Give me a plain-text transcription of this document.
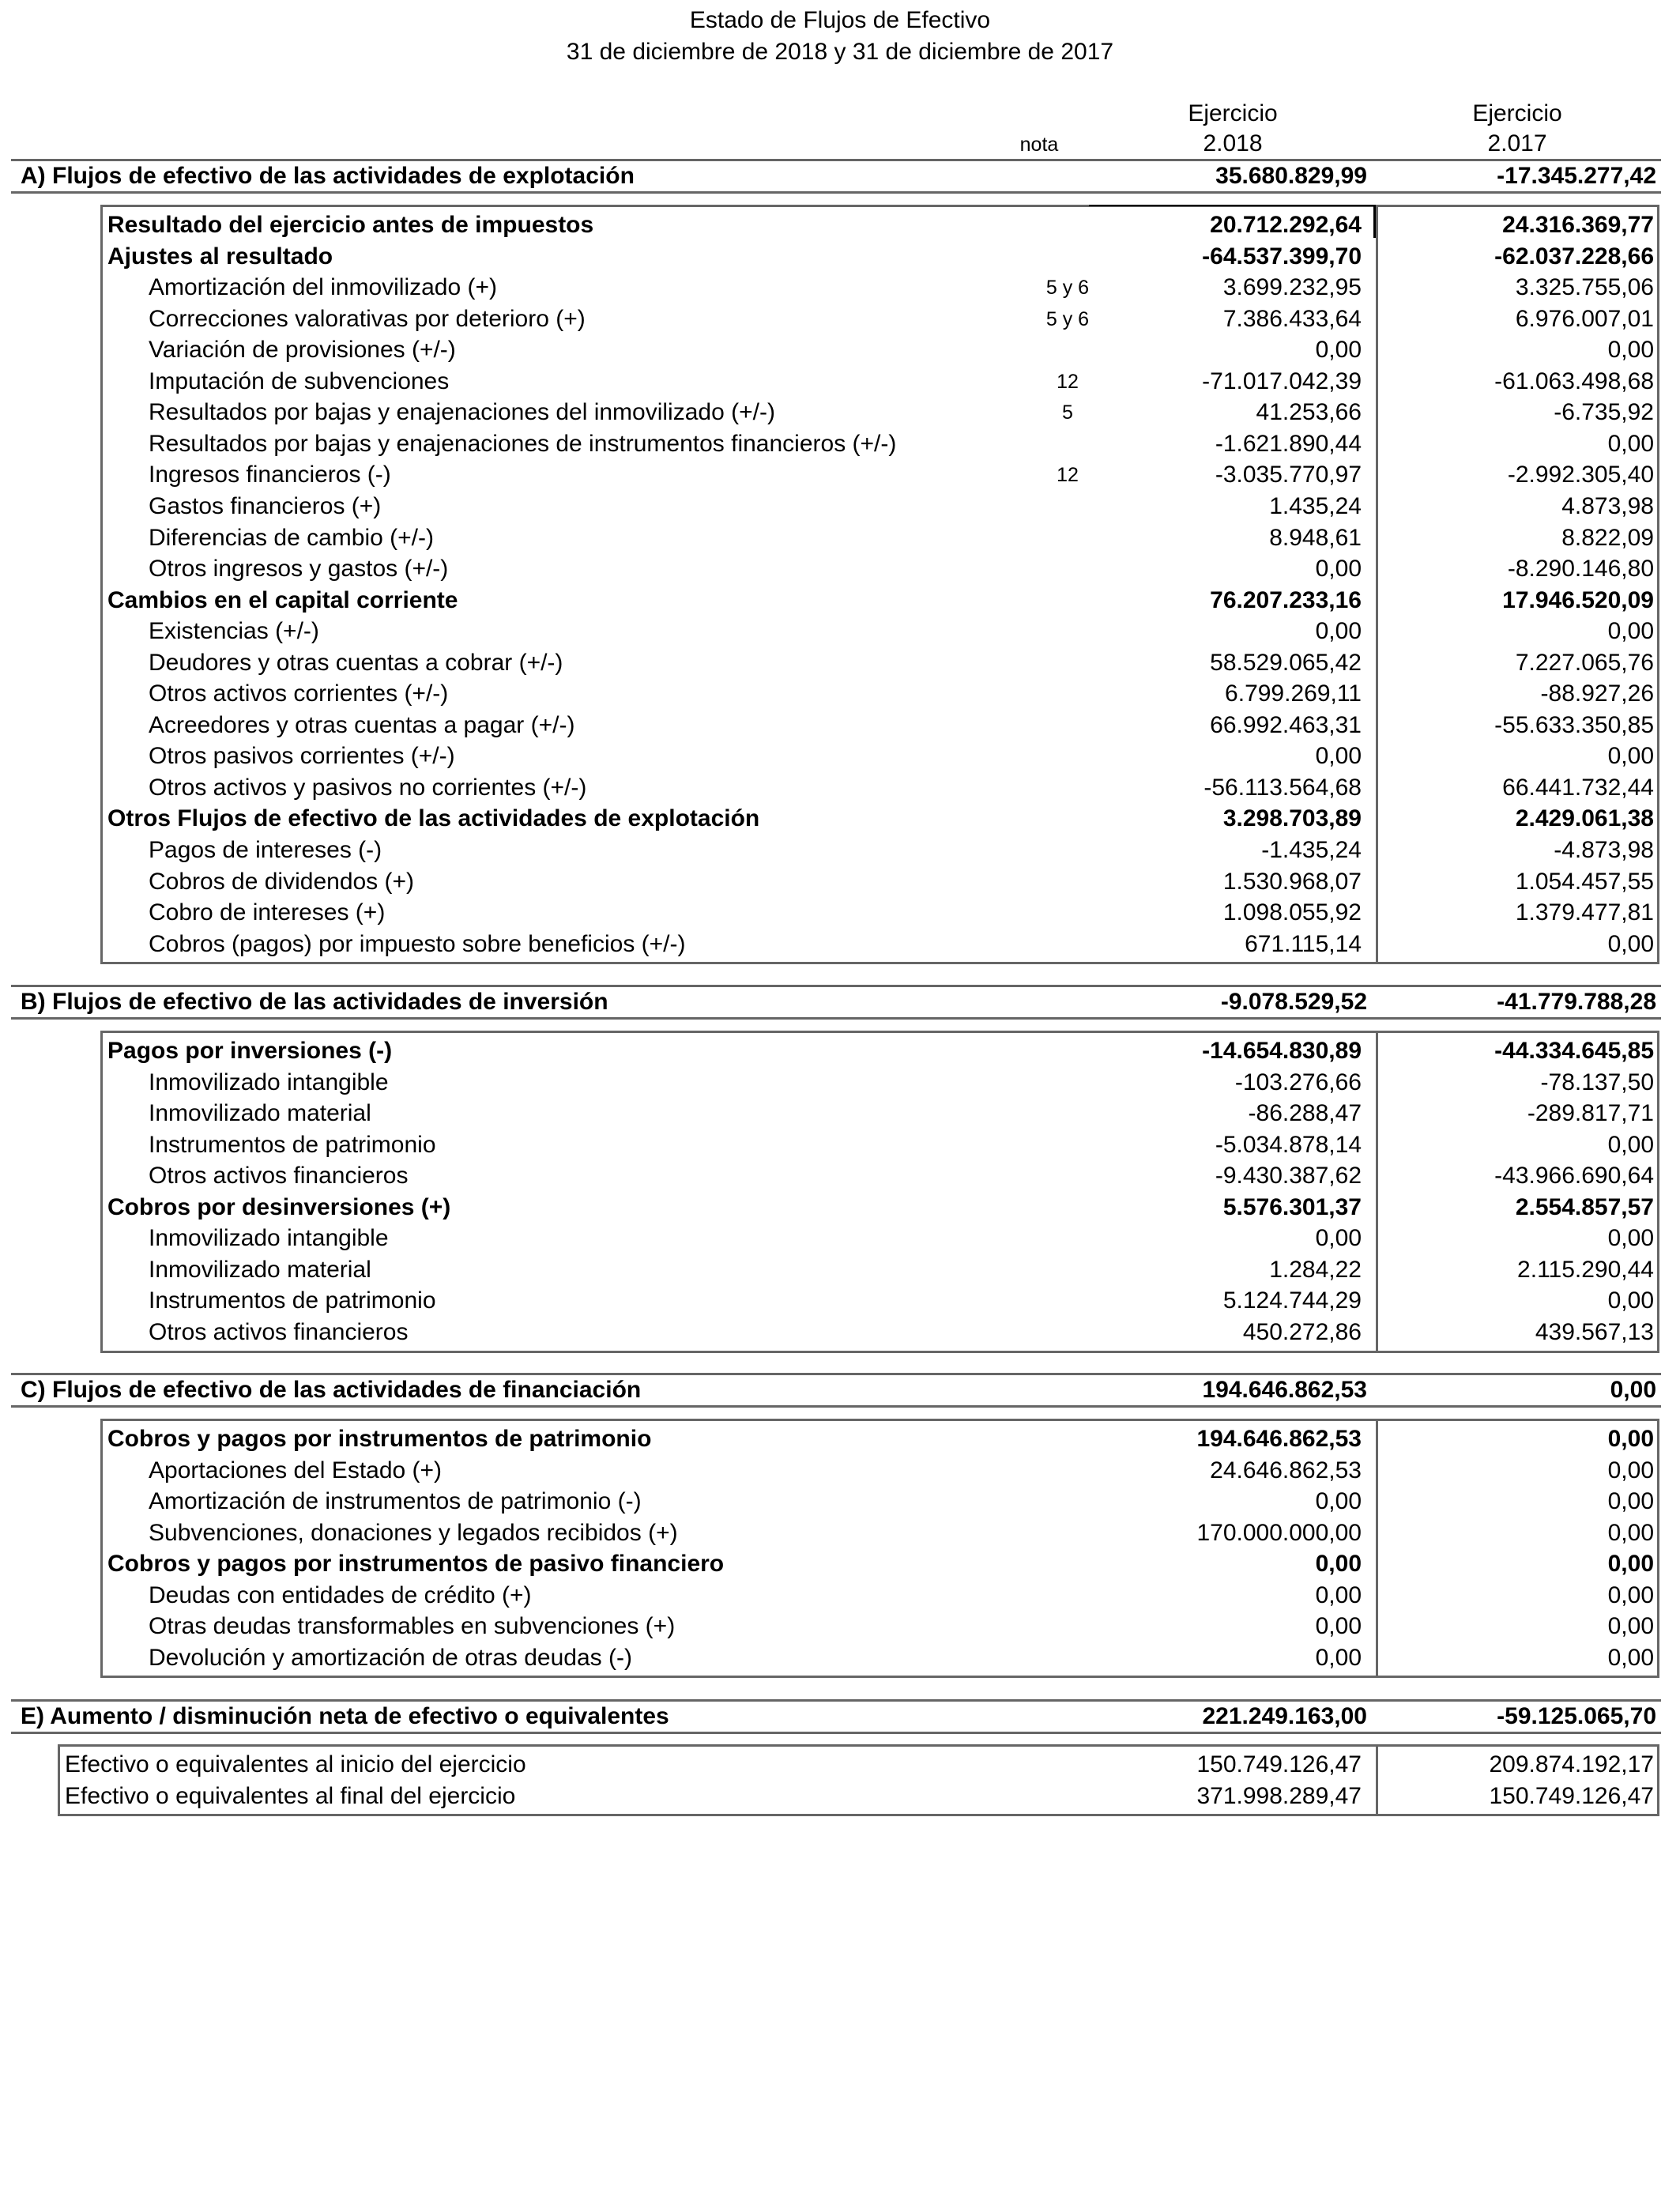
Estado de Flujos de Efectivo
31 de diciembre de 2018 y 31 de diciembre de 2017
Ejercicio
2.018
Ejercicio
2.017
nota
A) Flujos de efectivo de las actividades de explotación	35.680.829,99	-17.345.277,42
Resultado del ejercicio antes de impuestos	20.712.292,64	24.316.369,77
Ajustes al resultado	-64.537.399,70	-62.037.228,66
Amortización del inmovilizado (+)	5 y 6	3.699.232,95	3.325.755,06
Correcciones valorativas por deterioro (+)	5 y 6	7.386.433,64	6.976.007,01
Variación de provisiones (+/-)	0,00	0,00
Imputación de subvenciones	12	-71.017.042,39	-61.063.498,68
Resultados por bajas y enajenaciones del inmovilizado (+/-)	5	41.253,66	-6.735,92
Resultados por bajas y enajenaciones de instrumentos financieros (+/-)	-1.621.890,44	0,00
Ingresos financieros (-)	12	-3.035.770,97	-2.992.305,40
Gastos financieros (+)	1.435,24	4.873,98
Diferencias de cambio (+/-)	8.948,61	8.822,09
Otros ingresos y gastos (+/-)	0,00	-8.290.146,80
Cambios en el capital corriente	76.207.233,16	17.946.520,09
Existencias (+/-)	0,00	0,00
Deudores y otras cuentas a cobrar (+/-)	58.529.065,42	7.227.065,76
Otros activos corrientes (+/-)	6.799.269,11	-88.927,26
Acreedores y otras cuentas a pagar (+/-)	66.992.463,31	-55.633.350,85
Otros pasivos corrientes (+/-)	0,00	0,00
Otros activos y pasivos no corrientes (+/-)	-56.113.564,68	66.441.732,44
Otros Flujos de efectivo de las actividades de explotación	3.298.703,89	2.429.061,38
Pagos de intereses (-)	-1.435,24	-4.873,98
Cobros de dividendos (+)	1.530.968,07	1.054.457,55
Cobro de intereses (+)	1.098.055,92	1.379.477,81
Cobros (pagos) por impuesto sobre beneficios (+/-)	671.115,14	0,00
B) Flujos de efectivo de las actividades de inversión	-9.078.529,52	-41.779.788,28
Pagos por inversiones (-)	-14.654.830,89	-44.334.645,85
Inmovilizado intangible	-103.276,66	-78.137,50
Inmovilizado material	-86.288,47	-289.817,71
Instrumentos de patrimonio	-5.034.878,14	0,00
Otros activos financieros	-9.430.387,62	-43.966.690,64
Cobros por desinversiones (+)	5.576.301,37	2.554.857,57
Inmovilizado intangible	0,00	0,00
Inmovilizado material	1.284,22	2.115.290,44
Instrumentos de patrimonio	5.124.744,29	0,00
Otros activos financieros	450.272,86	439.567,13
C) Flujos de efectivo de las actividades de financiación	194.646.862,53	0,00
Cobros y pagos por instrumentos de patrimonio	194.646.862,53	0,00
Aportaciones del Estado (+)	24.646.862,53	0,00
Amortización de instrumentos de patrimonio (-)	0,00	0,00
Subvenciones, donaciones y legados recibidos (+)	170.000.000,00	0,00
Cobros y pagos por instrumentos de pasivo financiero	0,00	0,00
Deudas con entidades de crédito (+)	0,00	0,00
Otras deudas transformables en subvenciones (+)	0,00	0,00
Devolución y amortización de otras deudas (-)	0,00	0,00
E) Aumento / disminución neta de efectivo o equivalentes	221.249.163,00	-59.125.065,70
Efectivo o equivalentes al inicio del ejercicio	150.749.126,47	209.874.192,17
Efectivo o equivalentes al final del ejercicio	371.998.289,47	150.749.126,47
